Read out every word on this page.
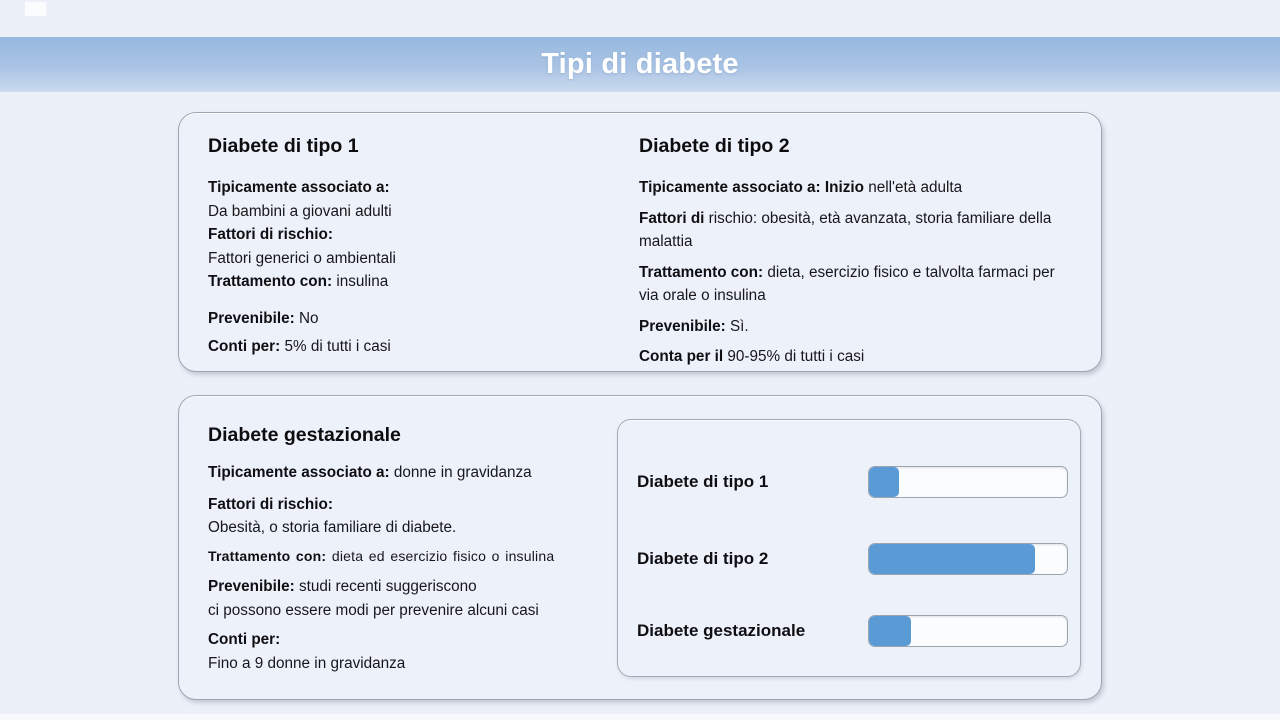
Tipi di diabete
Diabete di tipo 1

Tipicamente associato a:

Da bambini a giovani adulti

Fattori di rischio:

Fattori generici o ambientali

Trattamento con: insulina

Prevenibile: No

Conti per: 5% di tutti i casi

Diabete di tipo 2

Tipicamente associato a: Inizio nell'età adulta

Fattori di rischio: obesità, età avanzata, storia familiare della malattia

Trattamento con: dieta, esercizio fisico e talvolta farmaci per via orale o insulina

Prevenibile: Sì.

Conta per il 90-95% di tutti i casi

Diabete gestazionale

Tipicamente associato a: donne in gravidanza

Fattori di rischio:

Obesità, o storia familiare di diabete.

Trattamento con: dieta ed esercizio fisico o insulina

Prevenibile: studi recenti suggeriscono

ci possono essere modi per prevenire alcuni casi

Conti per:

Fino a 9 donne in gravidanza

Diabete di tipo 1
Diabete di tipo 2
Diabete gestazionale
